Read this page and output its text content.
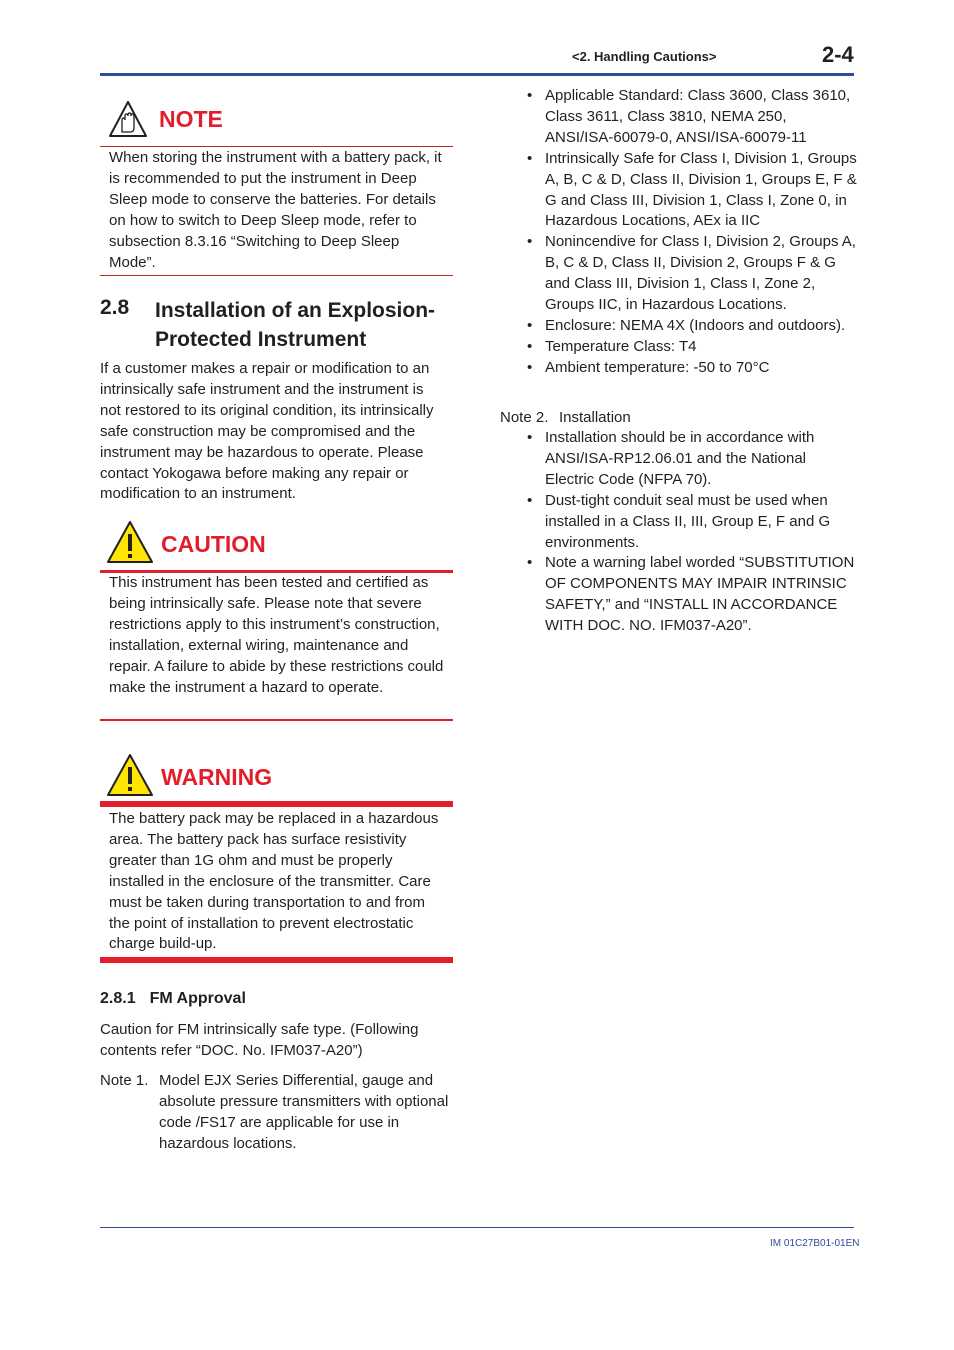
<2. Handling Cautions>	2-4
NOTE
When storing the instrument with a battery pack, it is recommended to put the instrument in Deep Sleep mode to conserve the batteries. For details on how to switch to Deep Sleep mode, refer to subsection 8.3.16 “Switching to Deep Sleep Mode”.
2.8 Installation of an Explosion-Protected Instrument
If a customer makes a repair or modification to an intrinsically safe instrument and the instrument is not restored to its original condition, its intrinsically safe construction may be compromised and the instrument may be hazardous to operate. Please contact Yokogawa before making any repair or modification to an instrument.
CAUTION
This instrument has been tested and certified as being intrinsically safe. Please note that severe restrictions apply to this instrument’s construction, installation, external wiring, maintenance and repair. A failure to abide by these restrictions could make the instrument a hazard to operate.
WARNING
The battery pack may be replaced in a hazardous area. The battery pack has surface resistivity greater than 1G ohm and must be properly installed in the enclosure of the transmitter. Care must be taken during transportation to and from the point of installation to prevent electrostatic charge build-up.
2.8.1 FM Approval
Caution for FM intrinsically safe type. (Following contents refer “DOC. No. IFM037-A20”)
Note 1. Model EJX Series Differential, gauge and absolute pressure transmitters with optional code /FS17 are applicable for use in hazardous locations.
• Applicable Standard: Class 3600, Class 3610, Class 3611, Class 3810, NEMA 250, ANSI/ISA-60079-0, ANSI/ISA-60079-11
• Intrinsically Safe for Class I, Division 1, Groups A, B, C & D, Class II, Division 1, Groups E, F & G and Class III, Division 1, Class I, Zone 0, in Hazardous Locations, AEx ia IIC
• Nonincendive for Class I, Division 2, Groups A, B, C & D, Class II, Division 2, Groups F & G and Class III, Division 1, Class I, Zone 2, Groups IIC, in Hazardous Locations.
• Enclosure: NEMA 4X (Indoors and outdoors).
• Temperature Class: T4
• Ambient temperature: -50 to 70°C
Note 2. Installation
• Installation should be in accordance with ANSI/ISA-RP12.06.01 and the National Electric Code (NFPA 70).
• Dust-tight conduit seal must be used when installed in a Class II, III, Group E, F and G environments.
• Note a warning label worded “SUBSTITUTION OF COMPONENTS MAY IMPAIR INTRINSIC SAFETY,” and “INSTALL IN ACCORDANCE WITH DOC. NO. IFM037-A20”.
IM 01C27B01-01EN
